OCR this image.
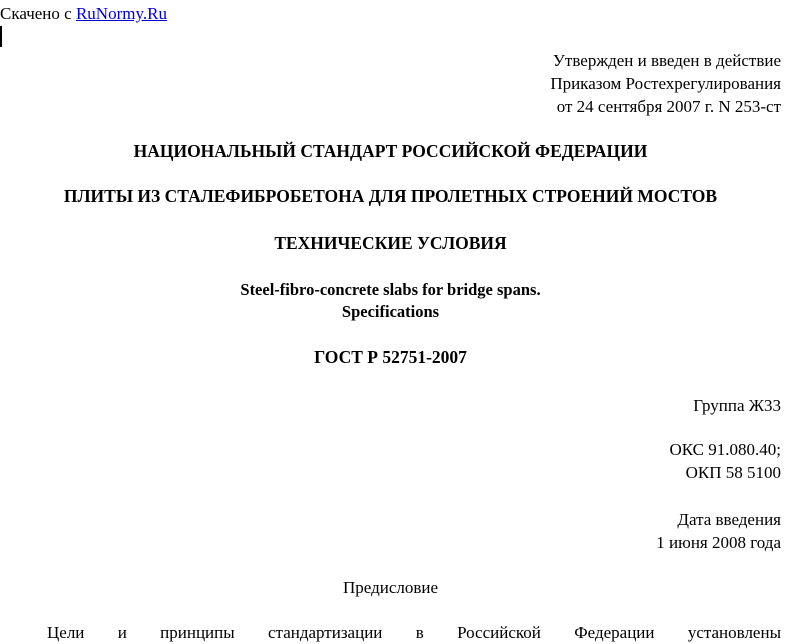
Скачено с RuNormy.Ru
Утвержден и введен в действие
Приказом Ростехрегулирования
от 24 сентября 2007 г. N 253-ст
НАЦИОНАЛЬНЫЙ СТАНДАРТ РОССИЙСКОЙ ФЕДЕРАЦИИ
ПЛИТЫ ИЗ СТАЛЕФИБРОБЕТОНА ДЛЯ ПРОЛЕТНЫХ СТРОЕНИЙ МОСТОВ
ТЕХНИЧЕСКИЕ УСЛОВИЯ
Steel-fibro-concrete slabs for bridge spans.
Specifications
ГОСТ Р 52751-2007
Группа Ж33
ОКС 91.080.40;
ОКП 58 5100
Дата введения
1 июня 2008 года
Предисловие
Цели и принципы стандартизации в Российской Федерации установлены
